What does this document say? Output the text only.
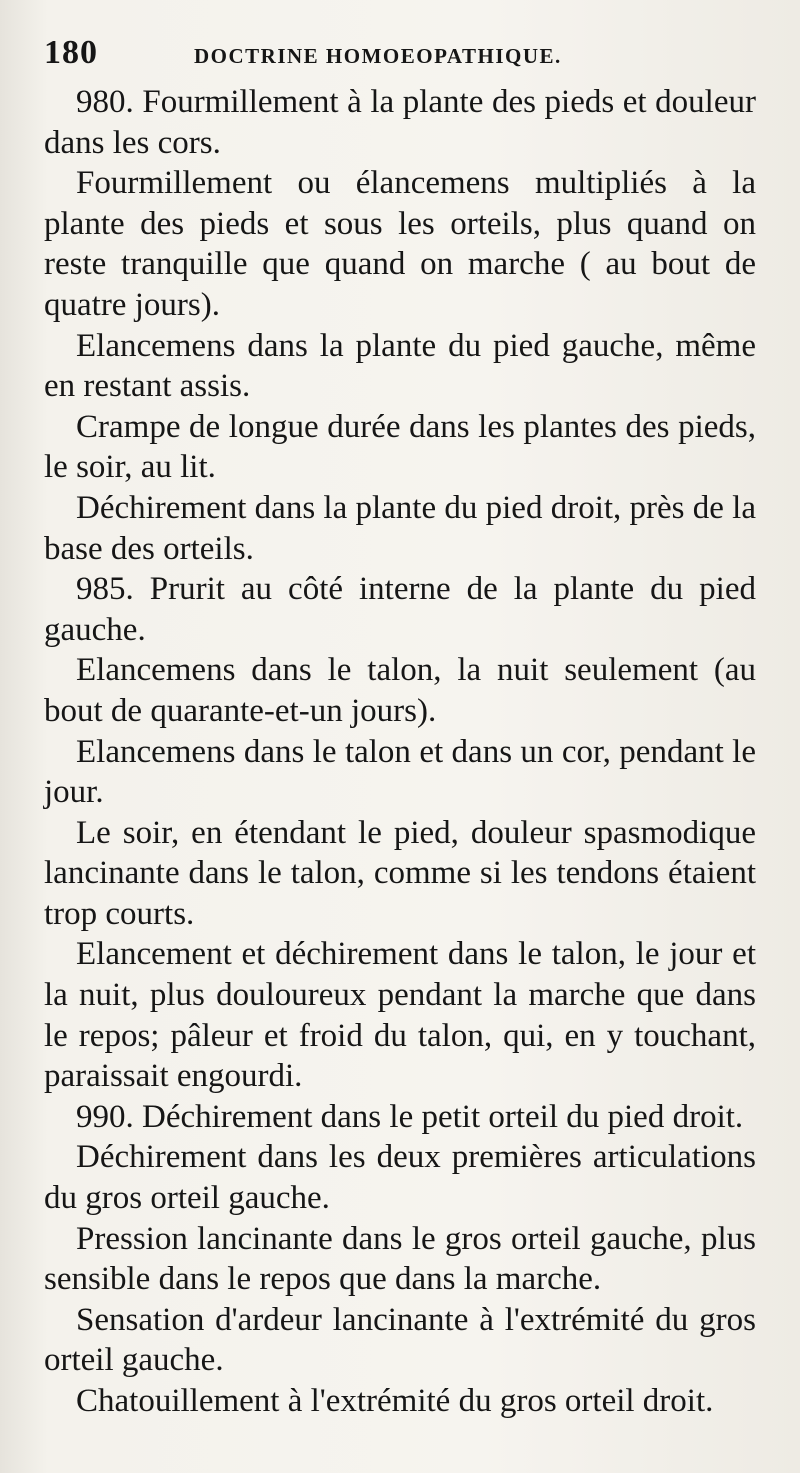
180	DOCTRINE HOMOEOPATHIQUE.

980. Fourmillement à la plante des pieds et douleur dans les cors.

Fourmillement ou élancemens multipliés à la plante des pieds et sous les orteils, plus quand on reste tranquille que quand on marche ( au bout de quatre jours).

Elancemens dans la plante du pied gauche, même en restant assis.

Crampe de longue durée dans les plantes des pieds, le soir, au lit.

Déchirement dans la plante du pied droit, près de la base des orteils.

985. Prurit au côté interne de la plante du pied gauche.

Elancemens dans le talon, la nuit seulement (au bout de quarante-et-un jours).

Elancemens dans le talon et dans un cor, pendant le jour.

Le soir, en étendant le pied, douleur spasmodique lancinante dans le talon, comme si les tendons étaient trop courts.

Elancement et déchirement dans le talon, le jour et la nuit, plus douloureux pendant la marche que dans le repos; pâleur et froid du talon, qui, en y touchant, paraissait engourdi.

990. Déchirement dans le petit orteil du pied droit.

Déchirement dans les deux premières articulations du gros orteil gauche.

Pression lancinante dans le gros orteil gauche, plus sensible dans le repos que dans la marche.

Sensation d'ardeur lancinante à l'extrémité du gros orteil gauche.

Chatouillement à l'extrémité du gros orteil droit.
